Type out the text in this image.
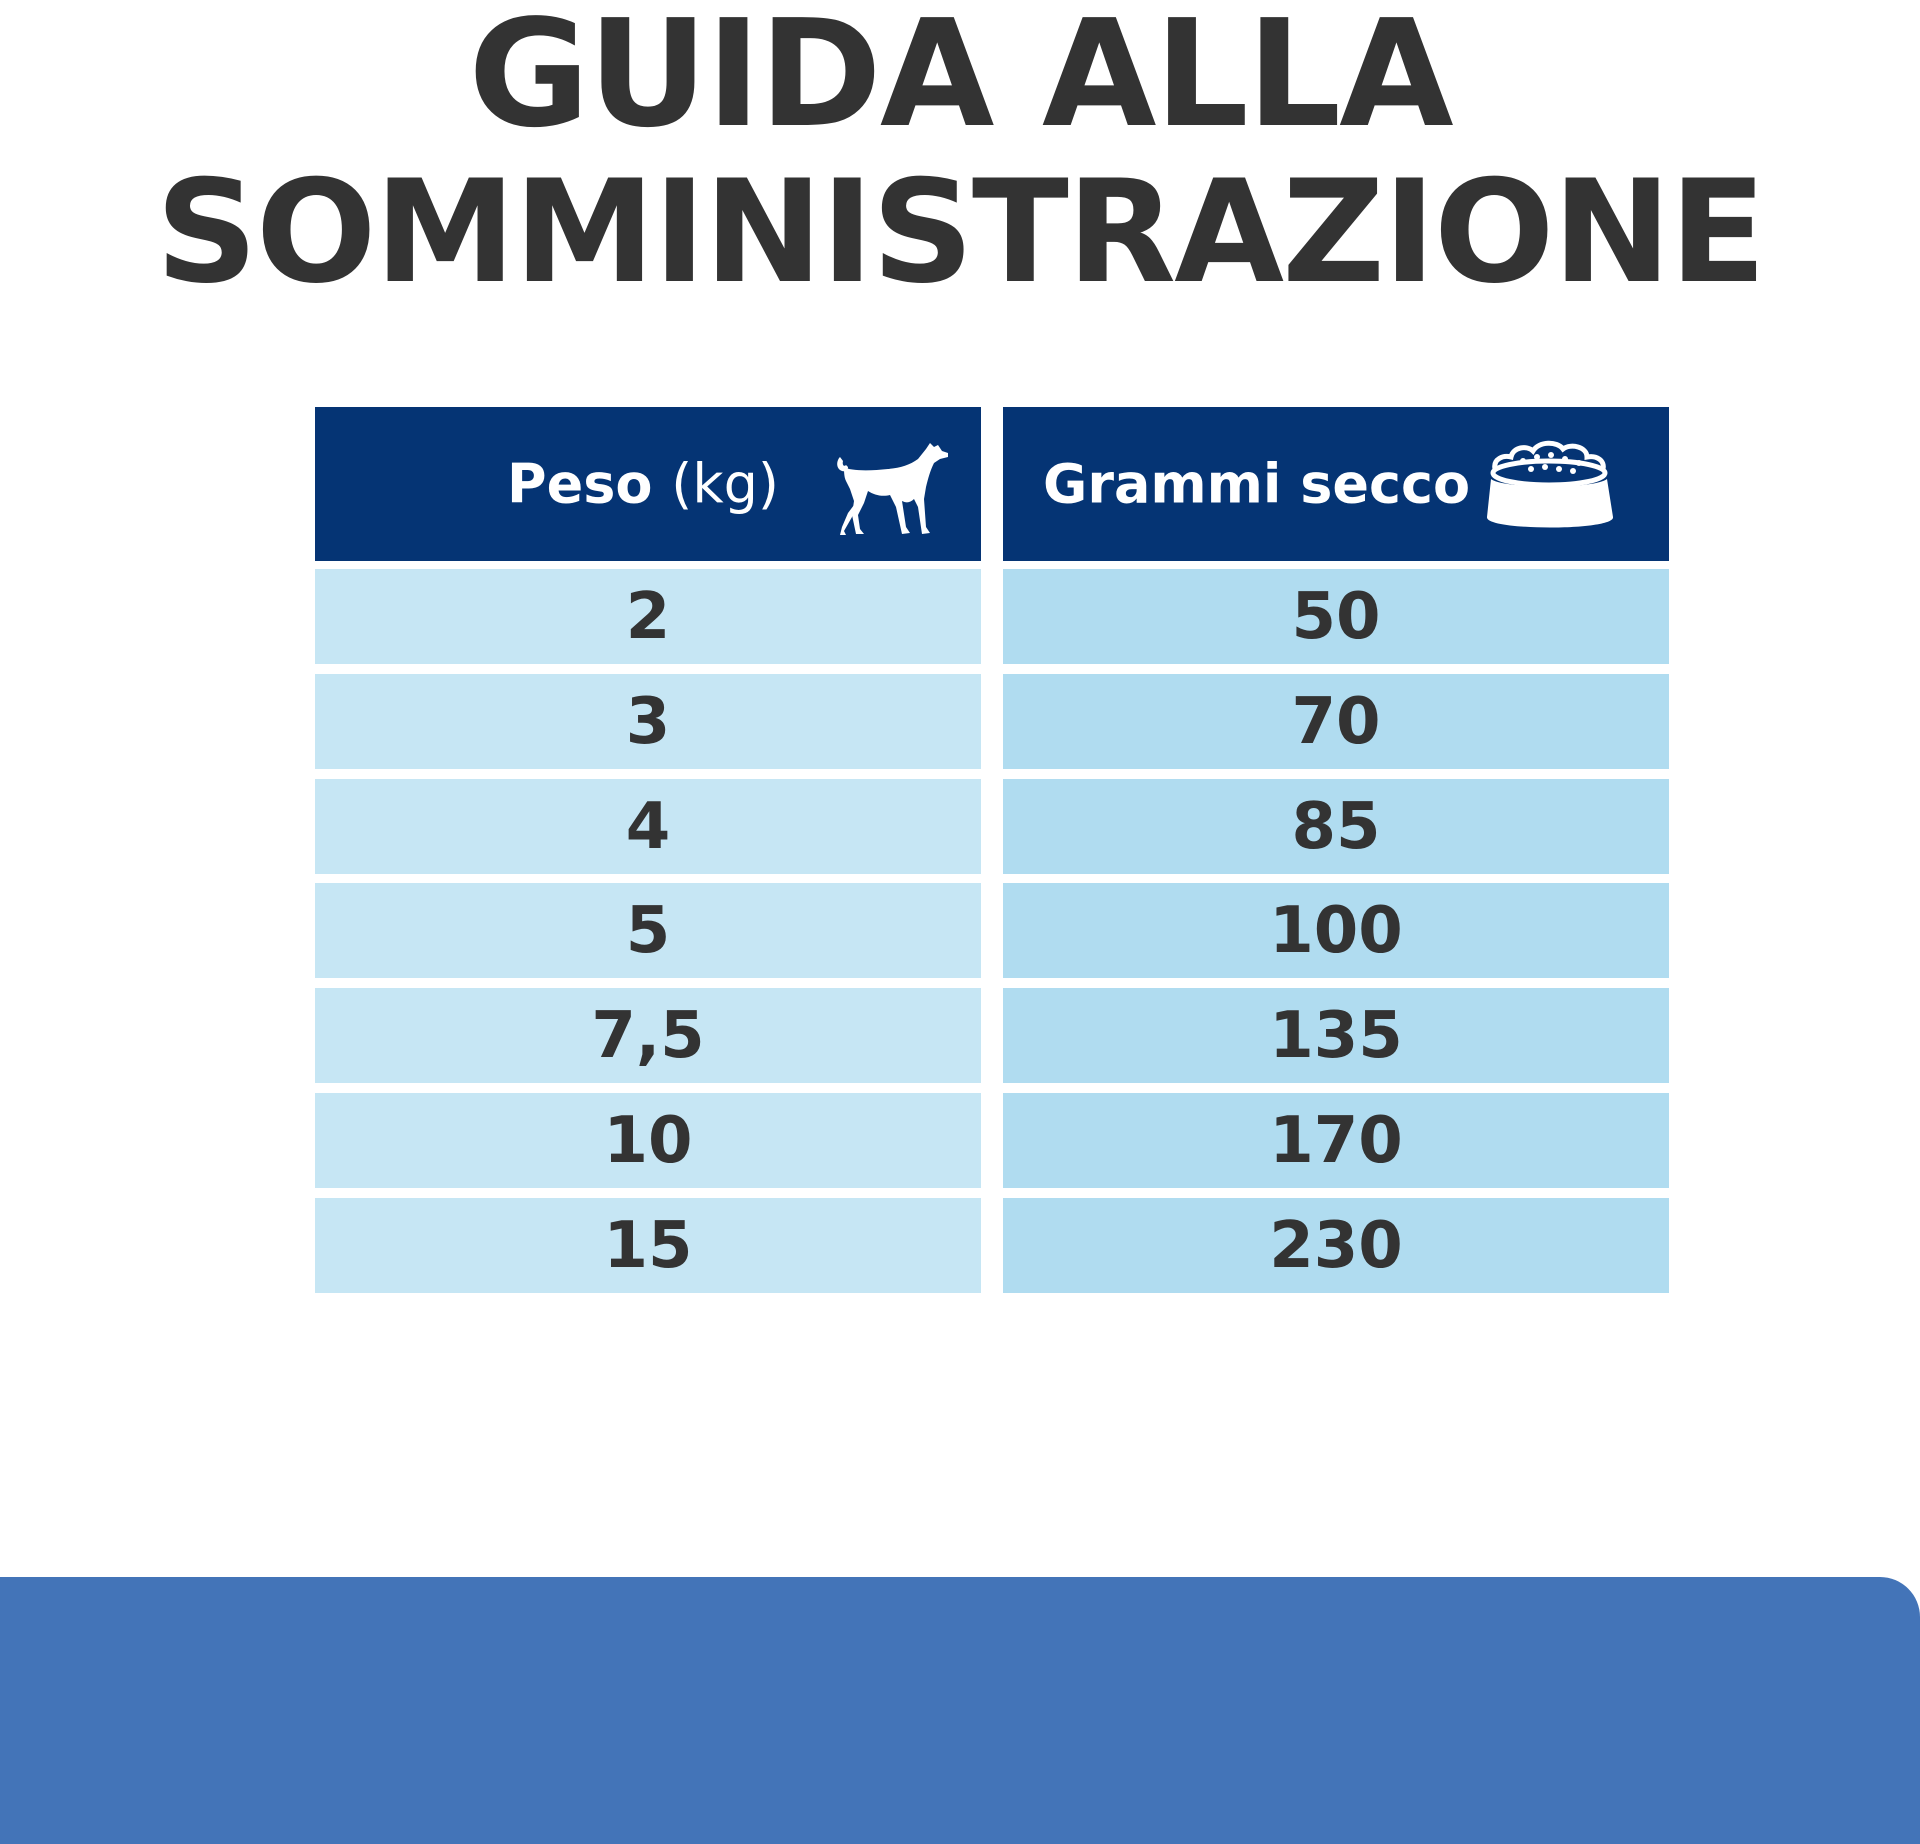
GUIDA ALLA
SOMMINISTRAZIONE
Peso (kg)
2
3
4
5
7,5
10
15
Grammi secco
50
70
85
100
135
170
230
